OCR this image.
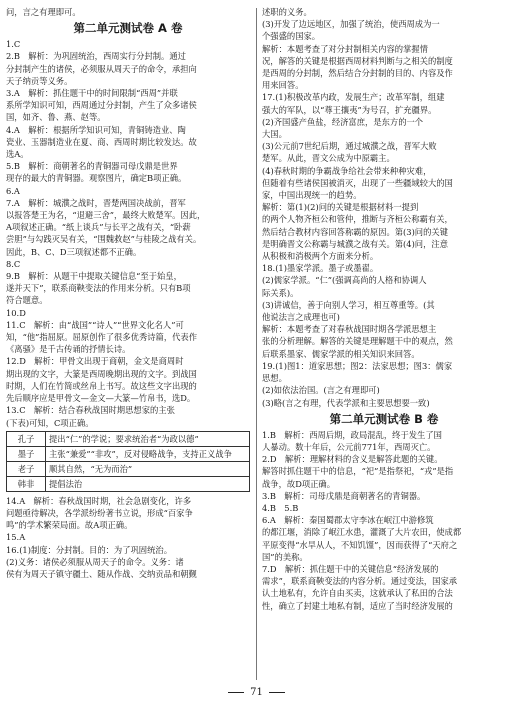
问，言之有理即可。
第二单元测试卷 A 卷
1.C
2.B　解析：为巩固统治，西周实行分封制。通过
分封制产生的诸侯，必须服从周天子的命令，承担向
天子纳贡等义务。
3.A　解析：抓住题干中的时间限制“西周”并联
系所学知识可知，西周通过分封制，产生了众多诸侯
国，如齐、鲁、燕、赵等。
4.A　解析：根据所学知识可知，青铜铸造业、陶
瓷业、玉器制造业在夏、商、西周时期比较发达。故
选A。
5.B　解析：商朝著名的青铜器司母戊鼎是世界
现存的最大的青铜器。观察图片，确定B项正确。
6.A
7.A　解析：城濮之战时，晋楚两国决战前，晋军
以报答楚王为名，“退避三舍”，最终大败楚军。因此，
A项叙述正确。“纸上谈兵”与长平之战有关，“卧薪
尝胆”与勾践灭吴有关，“围魏救赵”与桂陵之战有关。
因此，B、C、D三项叙述都不正确。
8.C
9.B　解析：从题干中提取关键信息“至于始皇，
遂并天下”，联系商鞅变法的作用来分析。只有B项
符合题意。
10.D
11.C　解析：由“战国”“诗人”“世界文化名人”可
知，“他”指屈原。屈原创作了很多优秀诗篇，代表作
《离骚》是千古传诵的抒情长诗。
12.D　解析：甲骨文出现于商朝，金文是商周时
期出现的文字，大篆是西周晚期出现的文字。到战国
时期，人们在竹简或丝帛上书写。故这些文字出现的
先后顺序应是甲骨文—金文—大篆—竹帛书，选D。
13.C　解析：结合春秋战国时期思想家的主张
(下表)可知，C项正确。
孔子	提出“仁”的学说；要求统治者“为政以德”
墨子	主张“兼爱”“非攻”，反对侵略战争，支持正义战争
老子	顺其自然，“无为而治”
韩非	提倡法治
14.A　解析：春秋战国时期，社会急剧变化，许多
问题亟待解决，各学派纷纷著书立说，形成“百家争
鸣”的学术繁荣局面。故A项正确。
15.A
16.(1)制度：分封制。目的：为了巩固统治。
(2)义务：诸侯必须服从周天子的命令。义务：诸
侯有为周天子镇守疆土、随从作战、交纳贡品和朝觐
述职的义务。
(3)开发了边远地区，加强了统治，使西周成为一
个强盛的国家。
解析：本题考查了对分封制相关内容的掌握情
况，解答的关键是根据西周材料判断与之相关的制度
是西周的分封制，然后结合分封制的目的、内容及作
用来回答。
17.(1)积极改革内政，发展生产；改革军制，组建
强大的军队，以“尊王攘夷”为号召，扩充疆界。
(2)齐国盛产鱼盐，经济富庶，是东方的一个
大国。
(3)公元前7世纪后期，通过城濮之战，晋军大败
楚军。从此，晋文公成为中原霸主。
(4)春秋时期的争霸战争给社会带来种种灾难，
但随着有些诸侯国被消灭，出现了一些疆域较大的国
家，中国出现统一的趋势。
解析：第(1)(2)问的关键是根据材料一提到
的两个人物齐桓公和管仲，推断与齐桓公称霸有关，
然后结合教材内容回答称霸的原因。第(3)问的关键
是明确晋文公称霸与城濮之战有关。第(4)问，注意
从积极和消极两个方面来分析。
18.(1)墨家学派。墨子或墨翟。
(2)儒家学派。“仁”(强调高尚的人格和协调人
际关系)。
(3)讲诚信，善于向别人学习，相互尊重等。(其
他说法言之成理也可)
解析：本题考查了对春秋战国时期各学派思想主
张的分析理解。解答的关键是理解题干中的观点，然
后联系墨家、儒家学派的相关知识来回答。
19.(1)图1：道家思想；图2：法家思想；图3：儒家
思想。
(2)如依法治国。(言之有理即可)
(3)略(言之有理，代表学派和主要思想要一致)
第二单元测试卷 B 卷
1.B　解析：西周后期，政局混乱，终于发生了国
人暴动。数十年后，公元前771年，西周灭亡。
2.D　解析：理解材料的含义是解答此题的关键。
解答时抓住题干中的信息，“祀”是指祭祀，“戎”是指
战争，故D项正确。
3.B　解析：司母戊鼎是商朝著名的青铜器。
4.B　5.B
6.A　解析：秦国蜀郡太守李冰在岷江中游修筑
的都江堰，消除了岷江水患，灌溉了大片农田，使成都
平原变得“水旱从人，不知饥馑”，因而获得了“天府之
国”的美称。
7.D　解析：抓住题干中的关键信息“经济发展的
需求”，联系商鞅变法的内容分析。通过变法，国家承
认土地私有，允许自由买卖，这就承认了私田的合法
性，确立了封建土地私有制，适应了当时经济发展的
71
